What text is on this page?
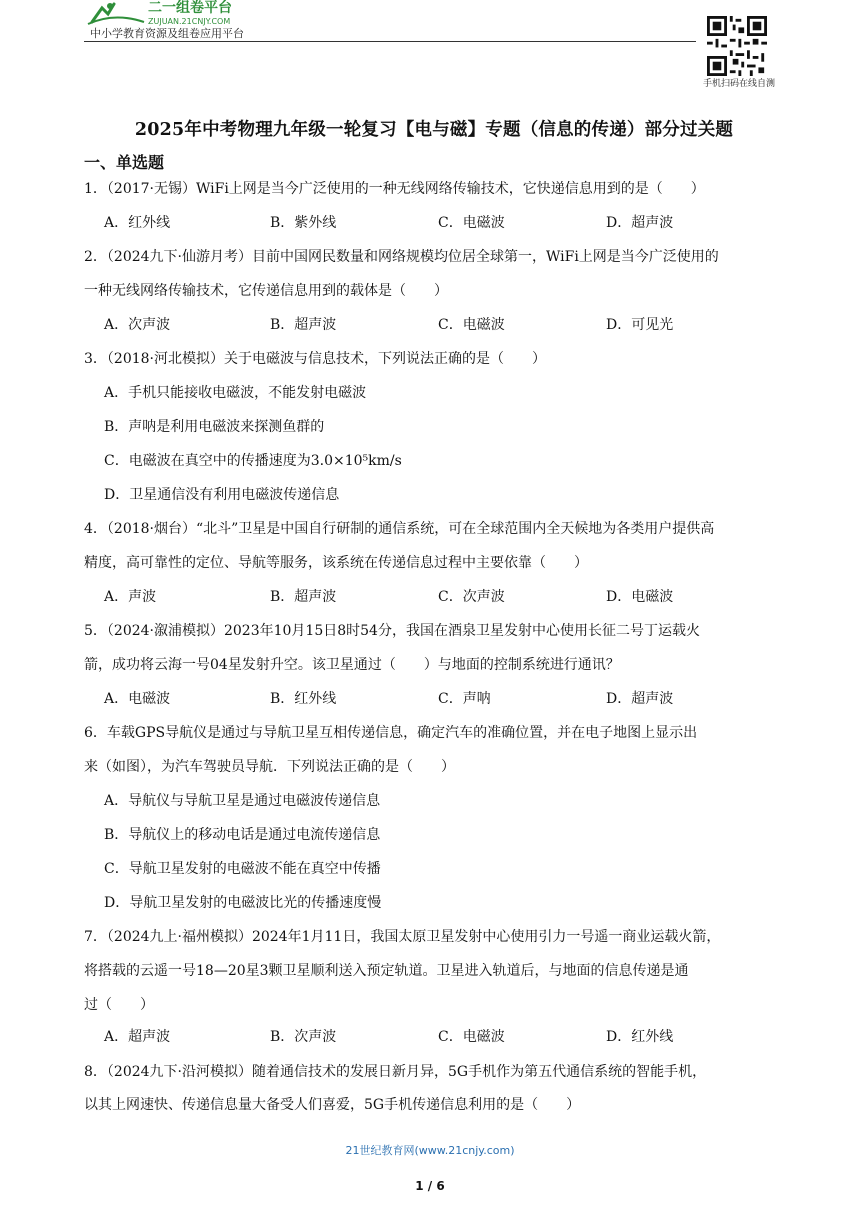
二一组卷平台
ZUJUAN.21CNJY.COM
中小学教育资源及组卷应用平台
手机扫码在线自测
2025年中考物理九年级一轮复习【电与磁】专题（信息的传递）部分过关题
一、单选题
1．（2017·无锡）WiFi上网是当今广泛使用的一种无线网络传输技术，它快递信息用到的是（　　）
A．红外线	B．紫外线	C．电磁波	D．超声波
2．（2024九下·仙游月考）目前中国网民数量和网络规模均位居全球第一，WiFi上网是当今广泛使用的
一种无线网络传输技术，它传递信息用到的载体是（　　）
A．次声波	B．超声波	C．电磁波	D．可见光
3．（2018·河北模拟）关于电磁波与信息技术，下列说法正确的是（　　）
A．手机只能接收电磁波，不能发射电磁波
B．声呐是利用电磁波来探测鱼群的
C．电磁波在真空中的传播速度为3.0×10⁵km/s
D．卫星通信没有利用电磁波传递信息
4．（2018·烟台）“北斗”卫星是中国自行研制的通信系统，可在全球范围内全天候地为各类用户提供高
精度，高可靠性的定位、导航等服务，该系统在传递信息过程中主要依靠（　　）
A．声波	B．超声波	C．次声波	D．电磁波
5．（2024·溆浦模拟）2023年10月15日8时54分，我国在酒泉卫星发射中心使用长征二号丁运载火
箭，成功将云海一号04星发射升空。该卫星通过（　　）与地面的控制系统进行通讯？
A．电磁波	B．红外线	C．声呐	D．超声波
6．车载GPS导航仪是通过与导航卫星互相传递信息，确定汽车的准确位置，并在电子地图上显示出
来（如图），为汽车驾驶员导航．下列说法正确的是（　　）
A．导航仪与导航卫星是通过电磁波传递信息
B．导航仪上的移动电话是通过电流传递信息
C．导航卫星发射的电磁波不能在真空中传播
D．导航卫星发射的电磁波比光的传播速度慢
7．（2024九上·福州模拟）2024年1月11日，我国太原卫星发射中心使用引力一号遥一商业运载火箭，
将搭载的云遥一号18—20星3颗卫星顺利送入预定轨道。卫星进入轨道后，与地面的信息传递是通
过（　　）
A．超声波	B．次声波	C．电磁波	D．红外线
8．（2024九下·沿河模拟）随着通信技术的发展日新月异，5G手机作为第五代通信系统的智能手机，
以其上网速快、传递信息量大备受人们喜爱，5G手机传递信息利用的是（　　）
21世纪教育网(www.21cnjy.com)
1 / 6
